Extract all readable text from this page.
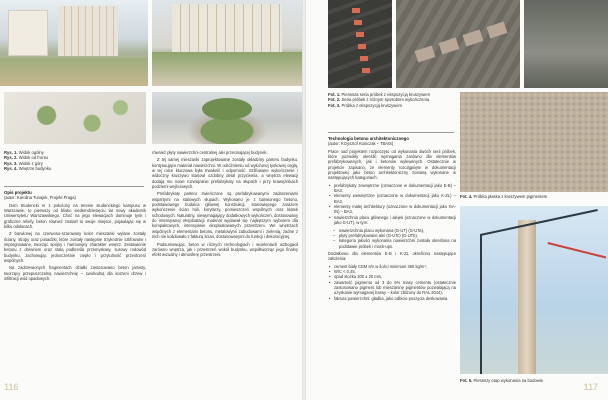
Rys. 1. Widok ogólny
Rys. 2. Widok od frontu
Rys. 3. Widok z góry
Rys. 4. Wnętrze budynku
Opis projektu
(autor: Karolina Tunajek, Projekt Praga)

Dom Studencki nr 1 położony na terenie studenckiego kampusu w Warszawie, to pierwszy od blisko siedemdziesięciu lat nowy akademik Uniwersytetu Warszawskiego. Choć na jego elewacjach dominuje tynk i graficzne reliefy, beton również znalazł tu swoje miejsce, pojawiając się w kilku odsłonach.

Z barwionej na czerwono-szarowany kolor mieszanki wylane zostały ściany, stropy oraz posadzki, które zostały następnie trzykrotnie szlifowane i impregnowane, tworząc spójny i harmonijny charakter wnętrz. Zestawienie betonu z drewnem oraz stalą podkreśla przemysłowy, surowy rodowód budynku, zachowując jednocześnie ciepło i przytulność przestrzeni wspólnych.

Na zadrzewionych fragmentach działki zastosowano beton jamisty, tworzący przepuszczalną nawierzchnię – swobodną dla korzeni drzew i infiltracji wód opadowych.

również płyty nawierzchni centralnej alei przecinającej budynek.

Z tej samej mieszanki zaprojektowane zostały okładziny parteru budynku, kontynuujące materiał nawierzchni. W odróżnieniu od wyłożonej tynkowej cegłą, w tej rolce kluczowa była trwałość i odporność. Szlifowane wykończenie i widoczny kruszywo stanowi ozdobny detal przyziemia, a wnętrza elewacji dodają mu nowe rozwiązanie prefabrykaty na słupach i przy krawężnikach podziemi wejściowych.

Prefabrykaty parteru zwieńczone są prefabrykowanymi zadaszeniami wspartymi na stalowych słupach. Wykonano je z barwionego betonu, podstawowego budulca głównej konstrukcji, stanowiącego zarazem wykończenie ścian holi, korytarzy, pomieszczeń wspólnych oraz klatek schodowych. Naturalny, niewymagający dodatkowych wykończeń, dostosowany do intensywnej eksploatacji materiał wydawał się najlepszym wyborem dla kompaktowych, intensywnie eksploatowanych przestrzeni. We wnętrzach wspólnych z elementami betonu, metalowymi zabudowami i zielenią, żadne z nich nie kolidowało z fakturą ścian, dostosowanymi do funkcji i dekoracyjnej.

Podsumowując, beton w różnych technologiach i wcieleniach wzbogacił zarówno wnętrza, jak i przestrzeń wokół budynku, współtworząc jego finalny efekt wizualny i atmosferę przestrzeni.

116
Fot. 1. Pierwsza seria próbek z ekspozycją kruszywem
Fot. 2. Seria próbek z różnym sposobem wykończenia
Fot. 3. Próbka z ekspozycją kruszywem
Fot. 4. Próbka płaska z kruszywem pigmentem
Fot. 5. Pierwszy etap wykonania na budowie
Technologia betonu architektonicznego
(autor: Krzysztof Kuniczak – TBAIS)

Prace nad projektem rozpoczęto od wykonania dwóch serii próbek, które pozwoliły określić wymagania zarówno dla elementów prefabrykowanych, jak i betonów wylewanych. Ostatecznie w projekcie zapisano, że elementy rozciągnięte w dokumentacji projektowej jako beton architektoniczny zostaną wykonane w następujących kategoriach:

• prefabrykaty zewnętrzne (oznaczone w dokumentacji jako E-B) – BA3,
• elementy wewnętrzne (oznaczone w dokumentacji jako K-ZL) – BA3,
• elementy małej architektury (oznaczone w dokumentacji jako GA-IN) – BA3,
• nawierzchnia placu głównego i alejek (oznaczone w dokumentacji jako G-UT), w tym:
– nawierzchnia placu wykonana (G-UT) (G-UTa),
– płyty prefabrykowane alei (G-UTc) (G-UTb),
– kategoria jakości wykonania nawierzchni została określona na podstawie próbek i mock-ups.

Dodatkowo dla elementów E-B i K-ZL określono następujące założenia:

• cement biały CEM II/A w ilości minimum 360 kg/m³,
• W/C < 0,45,
• opad stożka 200 ± 20 mm,
• zawartość pigmentu od 3 do 6% masy cementu (ostatecznie zastosowano pigment lub mieszaninę pigmentów pozwalającą na uzyskanie wymaganej barwy – kolor zbliżony do RAL 2044),
• faktura powierzchni: gładka, jako odbicie poszycia deskowania.
117
